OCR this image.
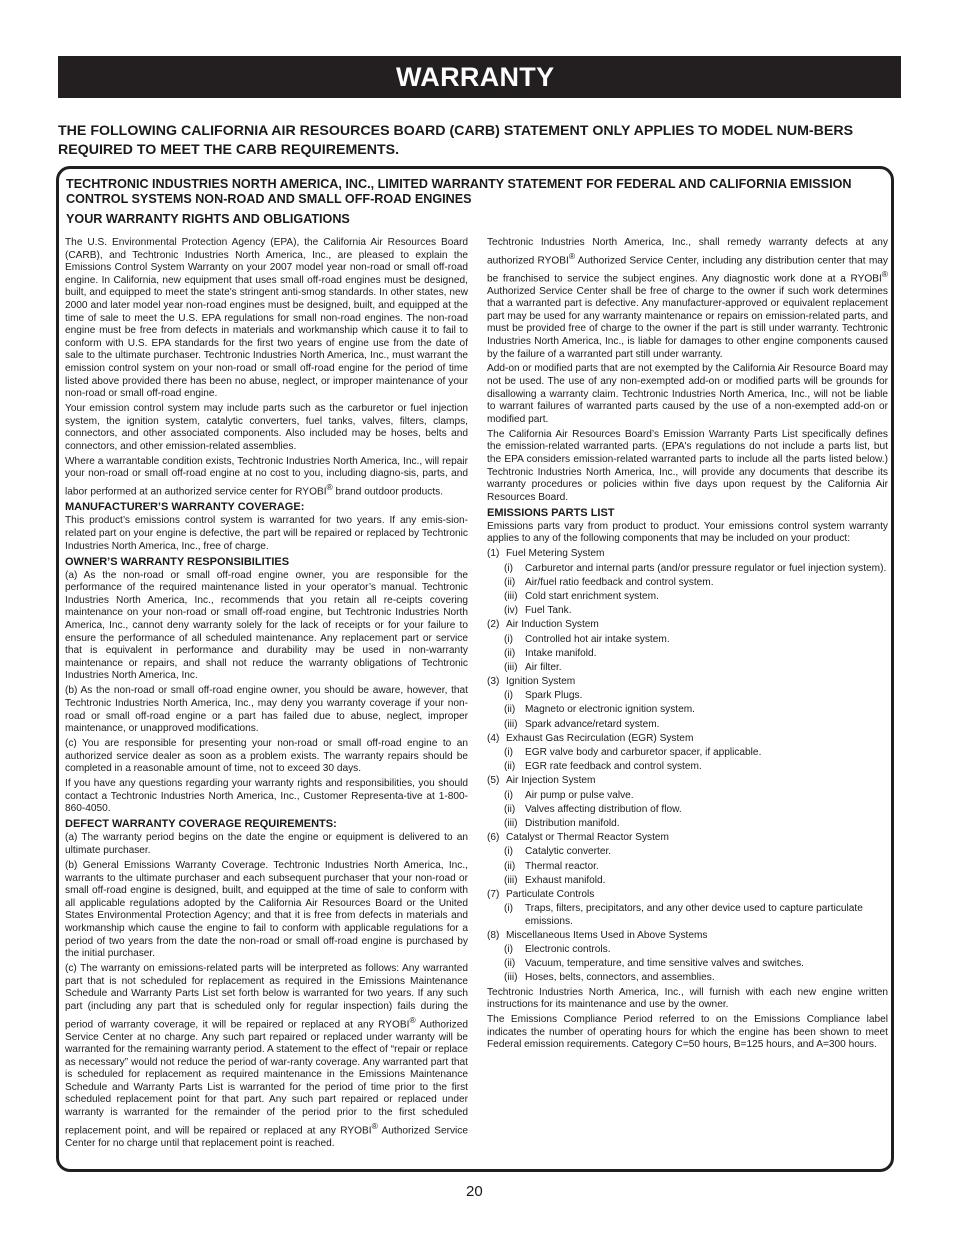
WARRANTY

THE FOLLOWING CALIFORNIA AIR RESOURCES BOARD (CARB) STATEMENT ONLY APPLIES TO MODEL NUM-BERS REQUIRED TO MEET THE CARB REQUIREMENTS.

TECHTRONIC INDUSTRIES NORTH AMERICA, INC., LIMITED WARRANTY STATEMENT FOR FEDERAL AND CALIFORNIA EMISSION CONTROL SYSTEMS NON-ROAD AND SMALL OFF-ROAD ENGINES

YOUR WARRANTY RIGHTS AND OBLIGATIONS

The U.S. Environmental Protection Agency (EPA), the California Air Resources Board (CARB), and Techtronic Industries North America, Inc., are pleased to explain the Emissions Control System Warranty on your 2007 model year non-road or small off-road engine. In California, new equipment that uses small off-road engines must be designed, built, and equipped to meet the state's stringent anti-smog standards. In other states, new 2000 and later model year non-road engines must be designed, built, and equipped at the time of sale to meet the U.S. EPA regulations for small non-road engines. The non-road engine must be free from defects in materials and workmanship which cause it to fail to conform with U.S. EPA standards for the first two years of engine use from the date of sale to the ultimate purchaser. Techtronic Industries North America, Inc., must warrant the emission control system on your non-road or small off-road engine for the period of time listed above provided there has been no abuse, neglect, or improper maintenance of your non-road or small off-road engine.

Your emission control system may include parts such as the carburetor or fuel injection system, the ignition system, catalytic converters, fuel tanks, valves, filters, clamps, connectors, and other associated components. Also included may be hoses, belts and connectors, and other emission-related assemblies.

Where a warrantable condition exists, Techtronic Industries North America, Inc., will repair your non-road or small off-road engine at no cost to you, including diagno-sis, parts, and labor performed at an authorized service center for RYOBI® brand outdoor products.

MANUFACTURER’S WARRANTY COVERAGE:

This product’s emissions control system is warranted for two years. If any emis-sion-related part on your engine is defective, the part will be repaired or replaced by Techtronic Industries North America, Inc., free of charge.

OWNER’S WARRANTY RESPONSIBILITIES

(a) As the non-road or small off-road engine owner, you are responsible for the performance of the required maintenance listed in your operator’s manual. Techtronic Industries North America, Inc., recommends that you retain all re-ceipts covering maintenance on your non-road or small off-road engine, but Techtronic Industries North America, Inc., cannot deny warranty solely for the lack of receipts or for your failure to ensure the performance of all scheduled maintenance. Any replacement part or service that is equivalent in performance and durability may be used in non-warranty maintenance or repairs, and shall not reduce the warranty obligations of Techtronic Industries North America, Inc.

(b) As the non-road or small off-road engine owner, you should be aware, however, that Techtronic Industries North America, Inc., may deny you warranty coverage if your non-road or small off-road engine or a part has failed due to abuse, neglect, improper maintenance, or unapproved modifications.

(c) You are responsible for presenting your non-road or small off-road engine to an authorized service dealer as soon as a problem exists. The warranty repairs should be completed in a reasonable amount of time, not to exceed 30 days.

If you have any questions regarding your warranty rights and responsibilities, you should contact a Techtronic Industries North America, Inc., Customer Representa-tive at 1-800-860-4050.

DEFECT WARRANTY COVERAGE REQUIREMENTS:

(a) The warranty period begins on the date the engine or equipment is delivered to an ultimate purchaser.

(b) General Emissions Warranty Coverage. Techtronic Industries North America, Inc., warrants to the ultimate purchaser and each subsequent purchaser that your non-road or small off-road engine is designed, built, and equipped at the time of sale to conform with all applicable regulations adopted by the California Air Resources Board or the United States Environmental Protection Agency; and that it is free from defects in materials and workmanship which cause the engine to fail to conform with applicable regulations for a period of two years from the date the non-road or small off-road engine is purchased by the initial purchaser.

(c) The warranty on emissions-related parts will be interpreted as follows: Any warranted part that is not scheduled for replacement as required in the Emissions Maintenance Schedule and Warranty Parts List set forth below is warranted for two years. If any such part (including any part that is scheduled only for regular inspection) fails during the period of warranty coverage, it will be repaired or replaced at any RYOBI® Authorized Service Center at no charge. Any such part repaired or replaced under warranty will be warranted for the remaining warranty period. A statement to the effect of “repair or replace as necessary” would not reduce the period of war-ranty coverage. Any warranted part that is scheduled for replacement as required maintenance in the Emissions Maintenance Schedule and Warranty Parts List is warranted for the period of time prior to the first scheduled replacement point for that part. Any such part repaired or replaced under warranty is warranted for the remainder of the period prior to the first scheduled replacement point, and will be repaired or replaced at any RYOBI® Authorized Service Center for no charge until that replacement point is reached.

Techtronic Industries North America, Inc., shall remedy warranty defects at any authorized RYOBI® Authorized Service Center, including any distribution center that may be franchised to service the subject engines. Any diagnostic work done at a RYOBI® Authorized Service Center shall be free of charge to the owner if such work determines that a warranted part is defective. Any manufacturer-approved or equivalent replacement part may be used for any warranty maintenance or repairs on emission-related parts, and must be provided free of charge to the owner if the part is still under warranty. Techtronic Industries North America, Inc., is liable for damages to other engine components caused by the failure of a warranted part still under warranty.

Add-on or modified parts that are not exempted by the California Air Resource Board may not be used. The use of any non-exempted add-on or modified parts will be grounds for disallowing a warranty claim. Techtronic Industries North America, Inc., will not be liable to warrant failures of warranted parts caused by the use of a non-exempted add-on or modified part.

The California Air Resources Board’s Emission Warranty Parts List specifically defines the emission-related warranted parts. (EPA's regulations do not include a parts list, but the EPA considers emission-related warranted parts to include all the parts listed below.) Techtronic Industries North America, Inc., will provide any documents that describe its warranty procedures or policies within five days upon request by the California Air Resources Board.

EMISSIONS PARTS LIST

Emissions parts vary from product to product. Your emissions control system warranty applies to any of the following components that may be included on your product:

(1) Fuel Metering System
(i)	Carburetor and internal parts (and/or pressure regulator or fuel injection system).
(ii) Air/fuel ratio feedback and control system.
(iii) Cold start enrichment system.
(iv) Fuel Tank.
(2) Air Induction System
(i)	Controlled hot air intake system.
(ii) Intake manifold.
(iii) Air filter.
(3) Ignition System
(i)	Spark Plugs.
(ii) Magneto or electronic ignition system.
(iii) Spark advance/retard system.
(4) Exhaust Gas Recirculation (EGR) System
(i)	EGR valve body and carburetor spacer, if applicable.
(ii) EGR rate feedback and control system.
(5) Air Injection System
(i)	Air pump or pulse valve.
(ii) Valves affecting distribution of flow.
(iii) Distribution manifold.
(6) Catalyst or Thermal Reactor System
(i)	Catalytic converter.
(ii) Thermal reactor.
(iii) Exhaust manifold.
(7) Particulate Controls
(i)	Traps, filters, precipitators, and any other device used to capture particulate emissions.
(8) Miscellaneous Items Used in Above Systems
(i)	Electronic controls.
(ii) Vacuum, temperature, and time sensitive valves and switches.
(iii) Hoses, belts, connectors, and assemblies.

Techtronic Industries North America, Inc., will furnish with each new engine written instructions for its maintenance and use by the owner.

The Emissions Compliance Period referred to on the Emissions Compliance label indicates the number of operating hours for which the engine has been shown to meet Federal emission requirements. Category C=50 hours, B=125 hours, and A=300 hours.

20
